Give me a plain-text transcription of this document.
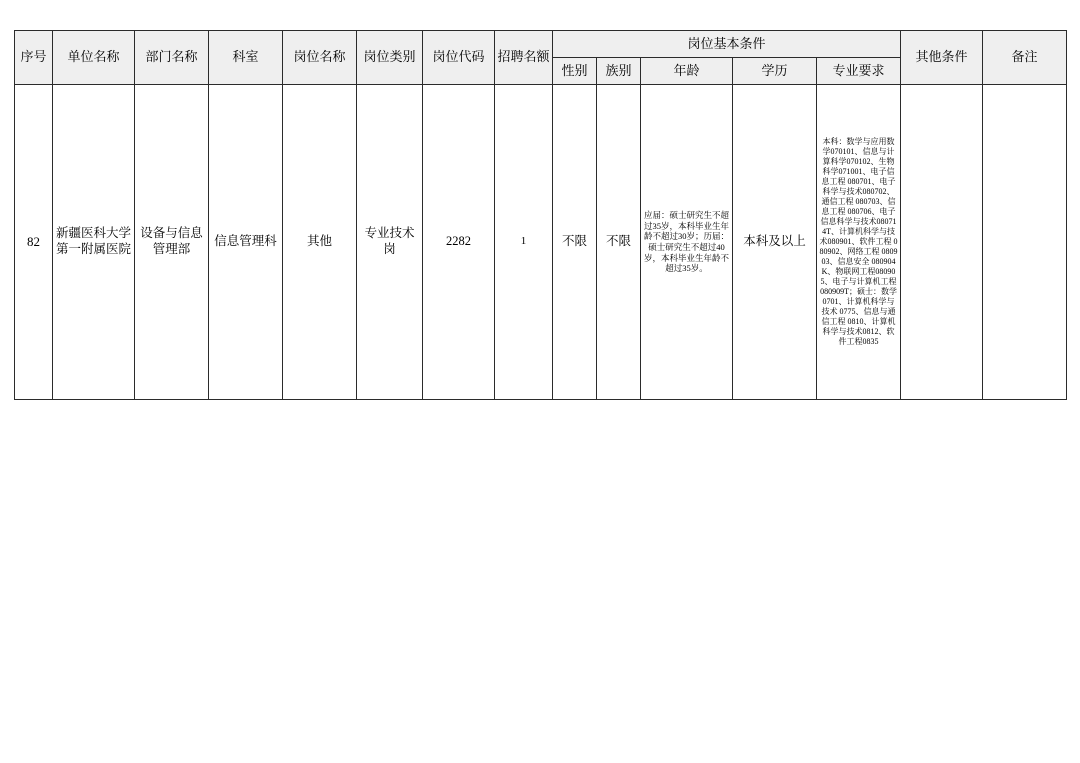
序号	单位名称	部门名称	科室	岗位名称	岗位类别	岗位代码	招聘名额	岗位基本条件					其他条件	备注
								性别	族别	年龄	学历	专业要求		
82	新疆医科大学第一附属医院	设备与信息管理部	信息管理科	其他	专业技术岗	2282	1	不限	不限	应届：硕士研究生不超过35岁，本科毕业生年龄不超过30岁；历届：硕士研究生不超过40岁，本科毕业生年龄不超过35岁。	本科及以上	本科：数学与应用数学070101、信息与计算科学070102、生物科学071001、电子信息工程 080701、电子科学与技术080702、通信工程 080703、信息工程 080706、电子信息科学与技术080714T、计算机科学与技术080901、软件工程 080902、网络工程 080903、信息安全 080904K、物联网工程080905、电子与计算机工程080909T；硕士：数学 0701、计算机科学与技术 0775、信息与通信工程 0810、计算机科学与技术0812、软件工程0835		
